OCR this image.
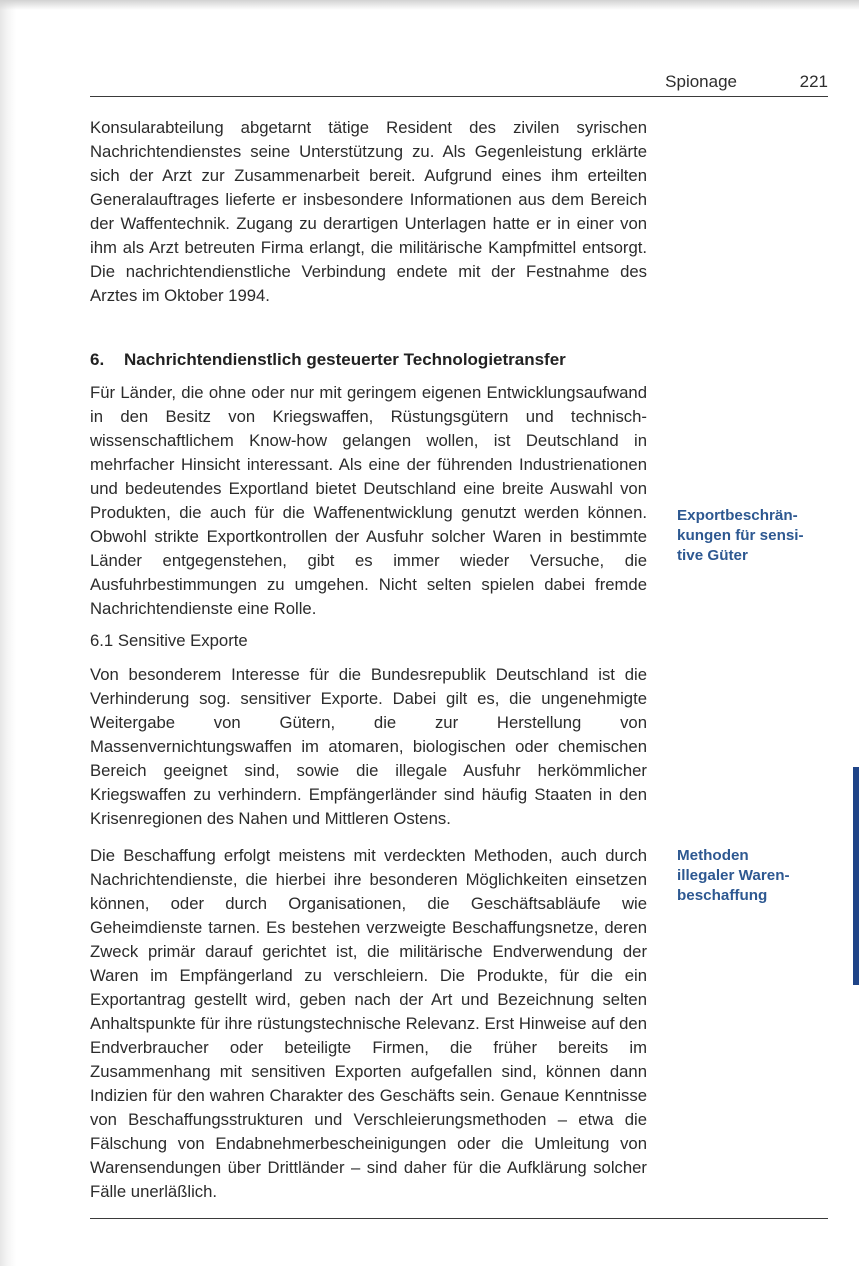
Spionage	221

Konsularabteilung abgetarnt tätige Resident des zivilen syrischen Nachrichtendienstes seine Unterstützung zu. Als Gegenleistung erklärte sich der Arzt zur Zusammenarbeit bereit. Aufgrund eines ihm erteilten Generalauftrages lieferte er insbesondere Informationen aus dem Bereich der Waffentechnik. Zugang zu derartigen Unterlagen hatte er in einer von ihm als Arzt betreuten Firma erlangt, die militärische Kampfmittel entsorgt. Die nachrichtendienstliche Verbindung endete mit der Festnahme des Arztes im Oktober 1994.

6. Nachrichtendienstlich gesteuerter Technologietransfer

Für Länder, die ohne oder nur mit geringem eigenen Entwicklungsaufwand in den Besitz von Kriegswaffen, Rüstungsgütern und technisch-wissenschaftlichem Know-how gelangen wollen, ist Deutschland in mehrfacher Hinsicht interessant. Als eine der führenden Industrienationen und bedeutendes Exportland bietet Deutschland eine breite Auswahl von Produkten, die auch für die Waffenentwicklung genutzt werden können. Obwohl strikte Exportkontrollen der Ausfuhr solcher Waren in bestimmte Länder entgegenstehen, gibt es immer wieder Versuche, die Ausfuhrbestimmungen zu umgehen. Nicht selten spielen dabei fremde Nachrichtendienste eine Rolle.

6.1 Sensitive Exporte

Von besonderem Interesse für die Bundesrepublik Deutschland ist die Verhinderung sog. sensitiver Exporte. Dabei gilt es, die ungenehmigte Weitergabe von Gütern, die zur Herstellung von Massenvernichtungswaffen im atomaren, biologischen oder chemischen Bereich geeignet sind, sowie die illegale Ausfuhr herkömmlicher Kriegswaffen zu verhindern. Empfängerländer sind häufig Staaten in den Krisenregionen des Nahen und Mittleren Ostens.

Die Beschaffung erfolgt meistens mit verdeckten Methoden, auch durch Nachrichtendienste, die hierbei ihre besonderen Möglichkeiten einsetzen können, oder durch Organisationen, die Geschäftsabläufe wie Geheimdienste tarnen. Es bestehen verzweigte Beschaffungsnetze, deren Zweck primär darauf gerichtet ist, die militärische Endverwendung der Waren im Empfängerland zu verschleiern. Die Produkte, für die ein Exportantrag gestellt wird, geben nach der Art und Bezeichnung selten Anhaltspunkte für ihre rüstungstechnische Relevanz. Erst Hinweise auf den Endverbraucher oder beteiligte Firmen, die früher bereits im Zusammenhang mit sensitiven Exporten aufgefallen sind, können dann Indizien für den wahren Charakter des Geschäfts sein. Genaue Kenntnisse von Beschaffungsstrukturen und Verschleierungsmethoden – etwa die Fälschung von Endabnehmerbescheinigungen oder die Umleitung von Warensendungen über Drittländer – sind daher für die Aufklärung solcher Fälle unerläßlich.

Exportbeschrän-
kungen für sensi-
tive Güter
Methoden
illegaler Waren-
beschaffung
